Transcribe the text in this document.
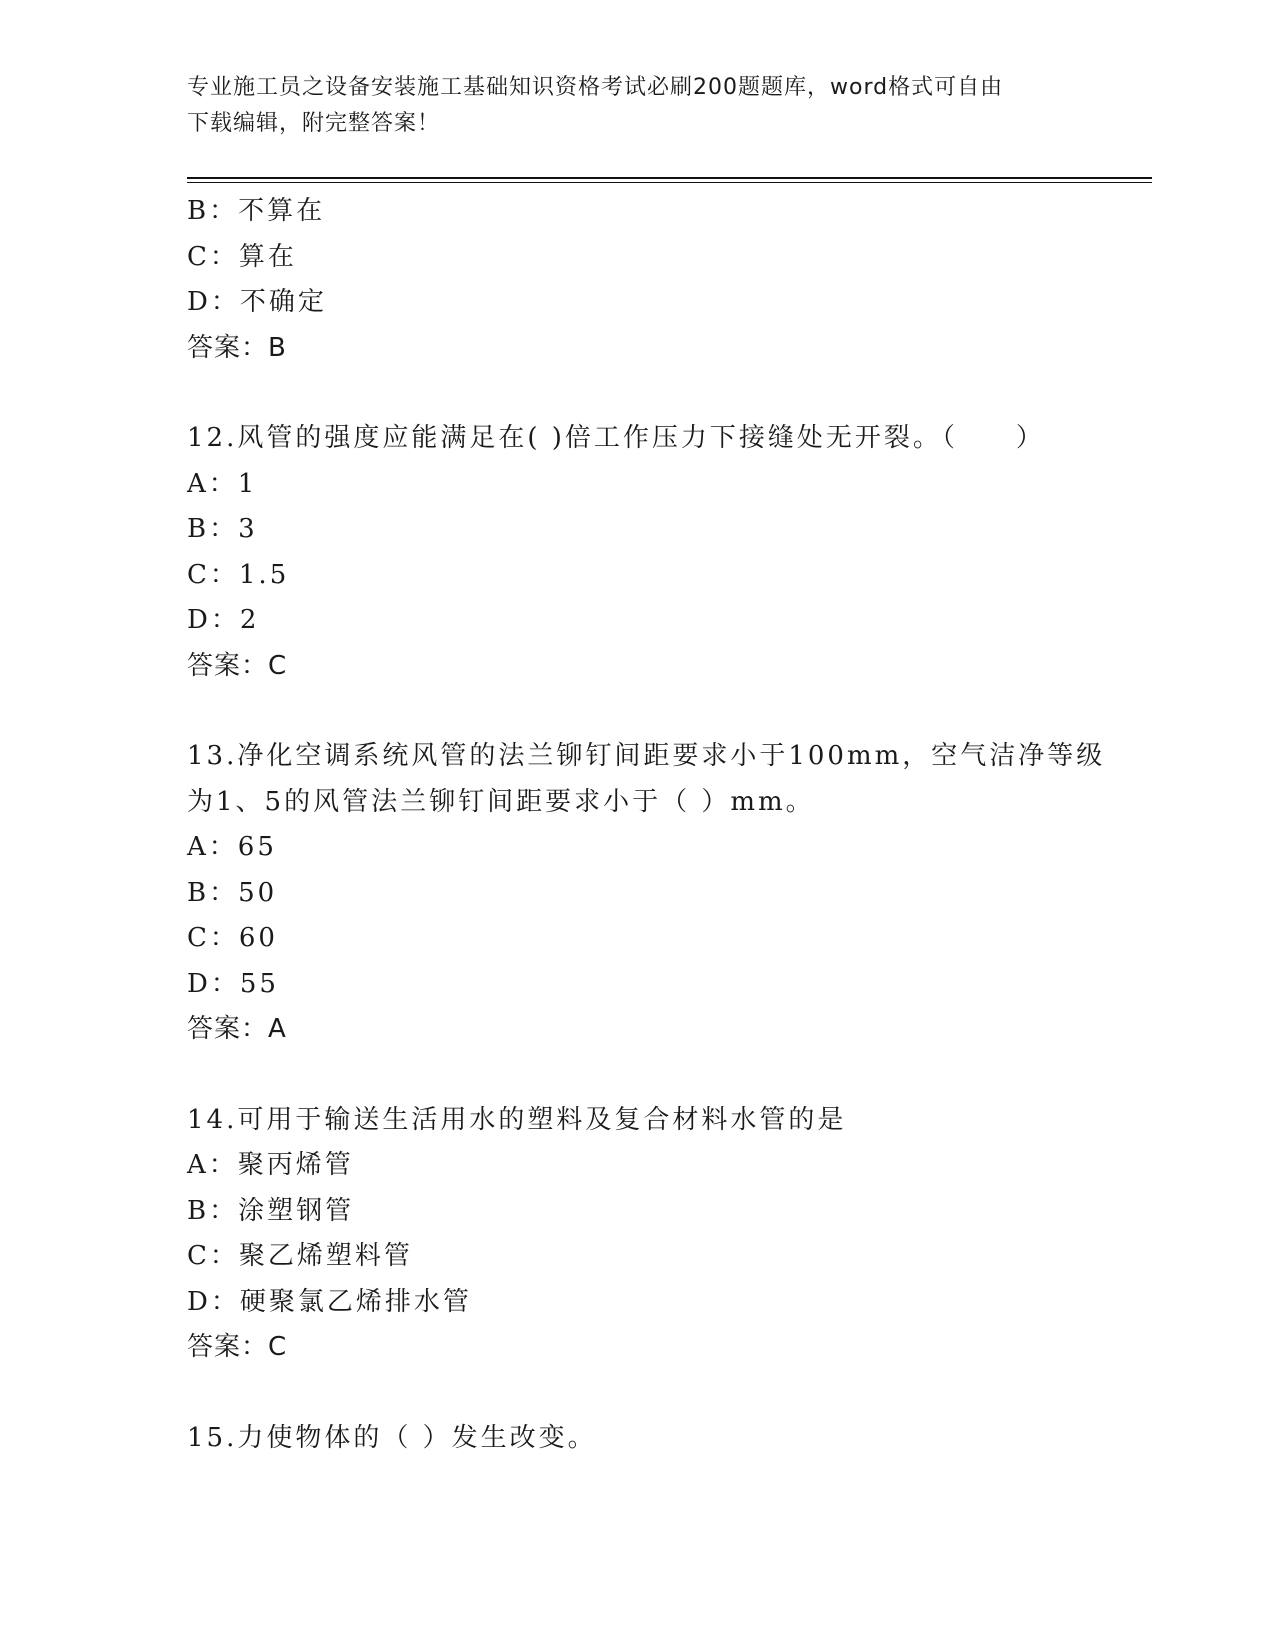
专业施工员之设备安装施工基础知识资格考试必刷200题题库，word格式可自由
下载编辑，附完整答案！
B：不算在
C：算在
D：不确定
答案：B
12.风管的强度应能满足在( )倍工作压力下接缝处无开裂。（　　）
A：1
B：3
C：1.5
D：2
答案：C
13.净化空调系统风管的法兰铆钉间距要求小于100mm，空气洁净等级
为1、5的风管法兰铆钉间距要求小于（ ）mm。
A：65
B：50
C：60
D：55
答案：A
14.可用于输送生活用水的塑料及复合材料水管的是
A：聚丙烯管
B：涂塑钢管
C：聚乙烯塑料管
D：硬聚氯乙烯排水管
答案：C
15.力使物体的（ ）发生改变。
